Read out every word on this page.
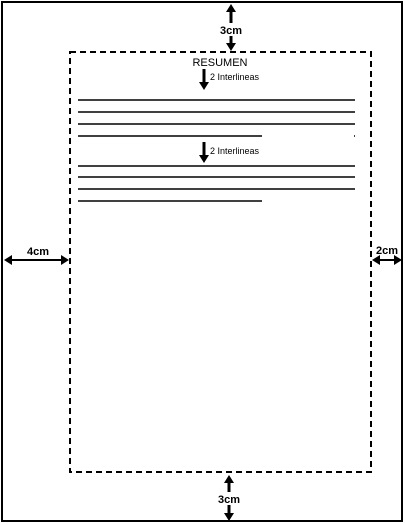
3cm
3cm
4cm	2cm
RESUMEN
2 Interlineas
2 Interlineas
